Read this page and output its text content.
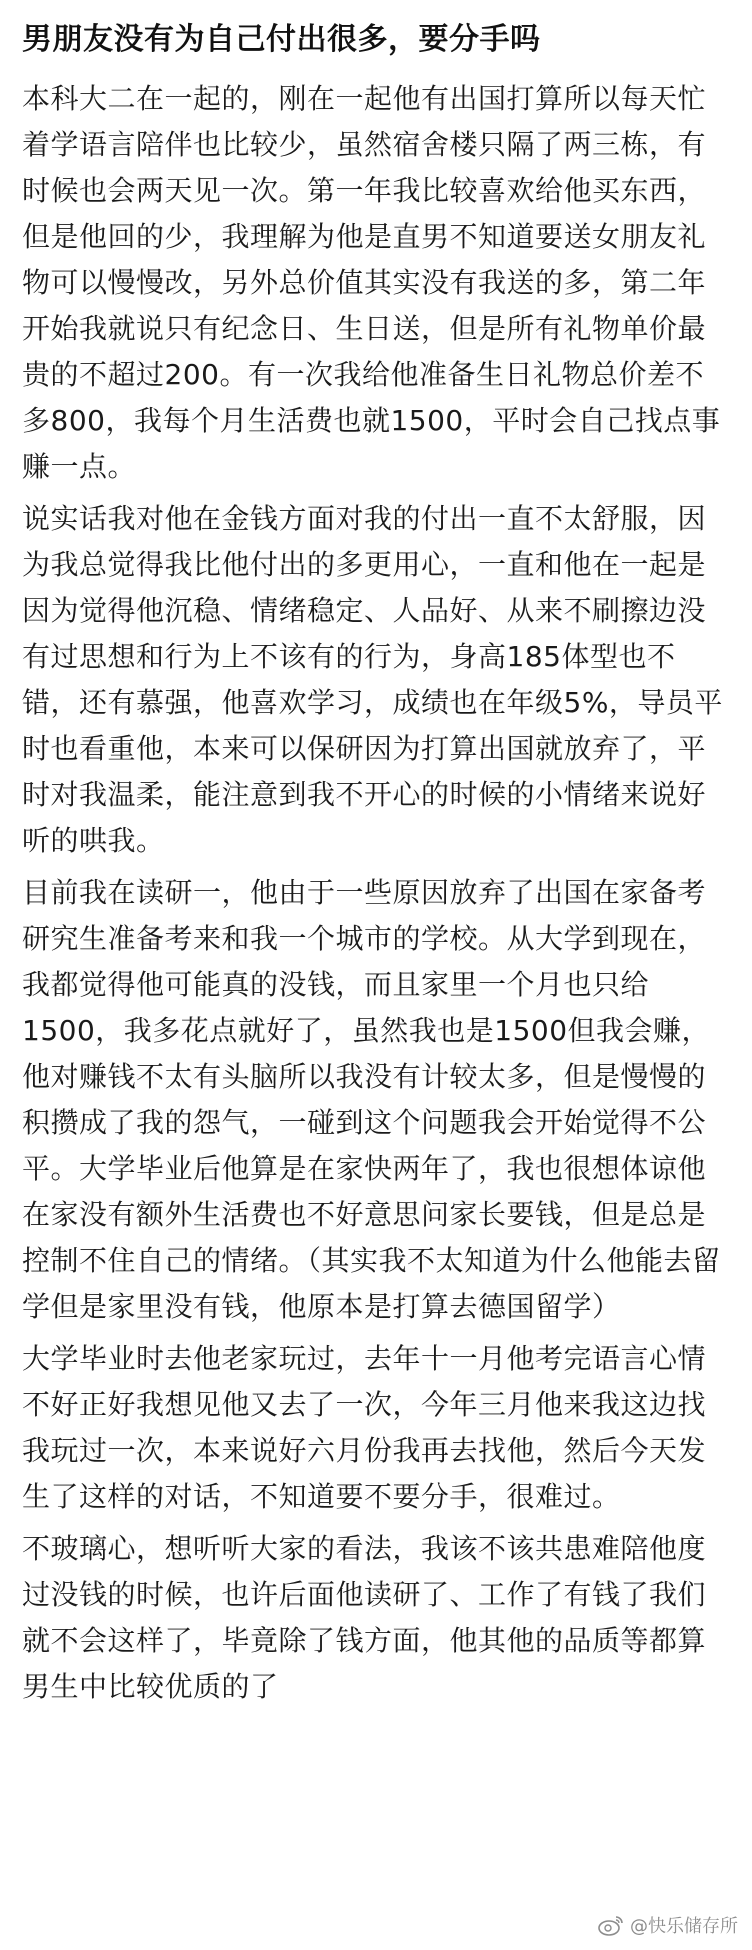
男朋友没有为自己付出很多，要分手吗

本科大二在一起的，刚在一起他有出国打算所以每天忙着学语言陪伴也比较少，虽然宿舍楼只隔了两三栋，有时候也会两天见一次。第一年我比较喜欢给他买东西，但是他回的少，我理解为他是直男不知道要送女朋友礼物可以慢慢改，另外总价值其实没有我送的多，第二年开始我就说只有纪念日、生日送，但是所有礼物单价最贵的不超过200。有一次我给他准备生日礼物总价差不多800，我每个月生活费也就1500，平时会自己找点事赚一点。

说实话我对他在金钱方面对我的付出一直不太舒服，因为我总觉得我比他付出的多更用心，一直和他在一起是因为觉得他沉稳、情绪稳定、人品好、从来不刷擦边没有过思想和行为上不该有的行为，身高185体型也不错，还有慕强，他喜欢学习，成绩也在年级5%，导员平时也看重他，本来可以保研因为打算出国就放弃了，平时对我温柔，能注意到我不开心的时候的小情绪来说好听的哄我。

目前我在读研一，他由于一些原因放弃了出国在家备考研究生准备考来和我一个城市的学校。从大学到现在，我都觉得他可能真的没钱，而且家里一个月也只给1500，我多花点就好了，虽然我也是1500但我会赚，他对赚钱不太有头脑所以我没有计较太多，但是慢慢的积攒成了我的怨气，一碰到这个问题我会开始觉得不公平。大学毕业后他算是在家快两年了，我也很想体谅他在家没有额外生活费也不好意思问家长要钱，但是总是控制不住自己的情绪。（其实我不太知道为什么他能去留学但是家里没有钱，他原本是打算去德国留学）

大学毕业时去他老家玩过，去年十一月他考完语言心情不好正好我想见他又去了一次，今年三月他来我这边找我玩过一次，本来说好六月份我再去找他，然后今天发生了这样的对话，不知道要不要分手，很难过。

不玻璃心，想听听大家的看法，我该不该共患难陪他度过没钱的时候，也许后面他读研了、工作了有钱了我们就不会这样了，毕竟除了钱方面，他其他的品质等都算男生中比较优质的了

@快乐储存所
